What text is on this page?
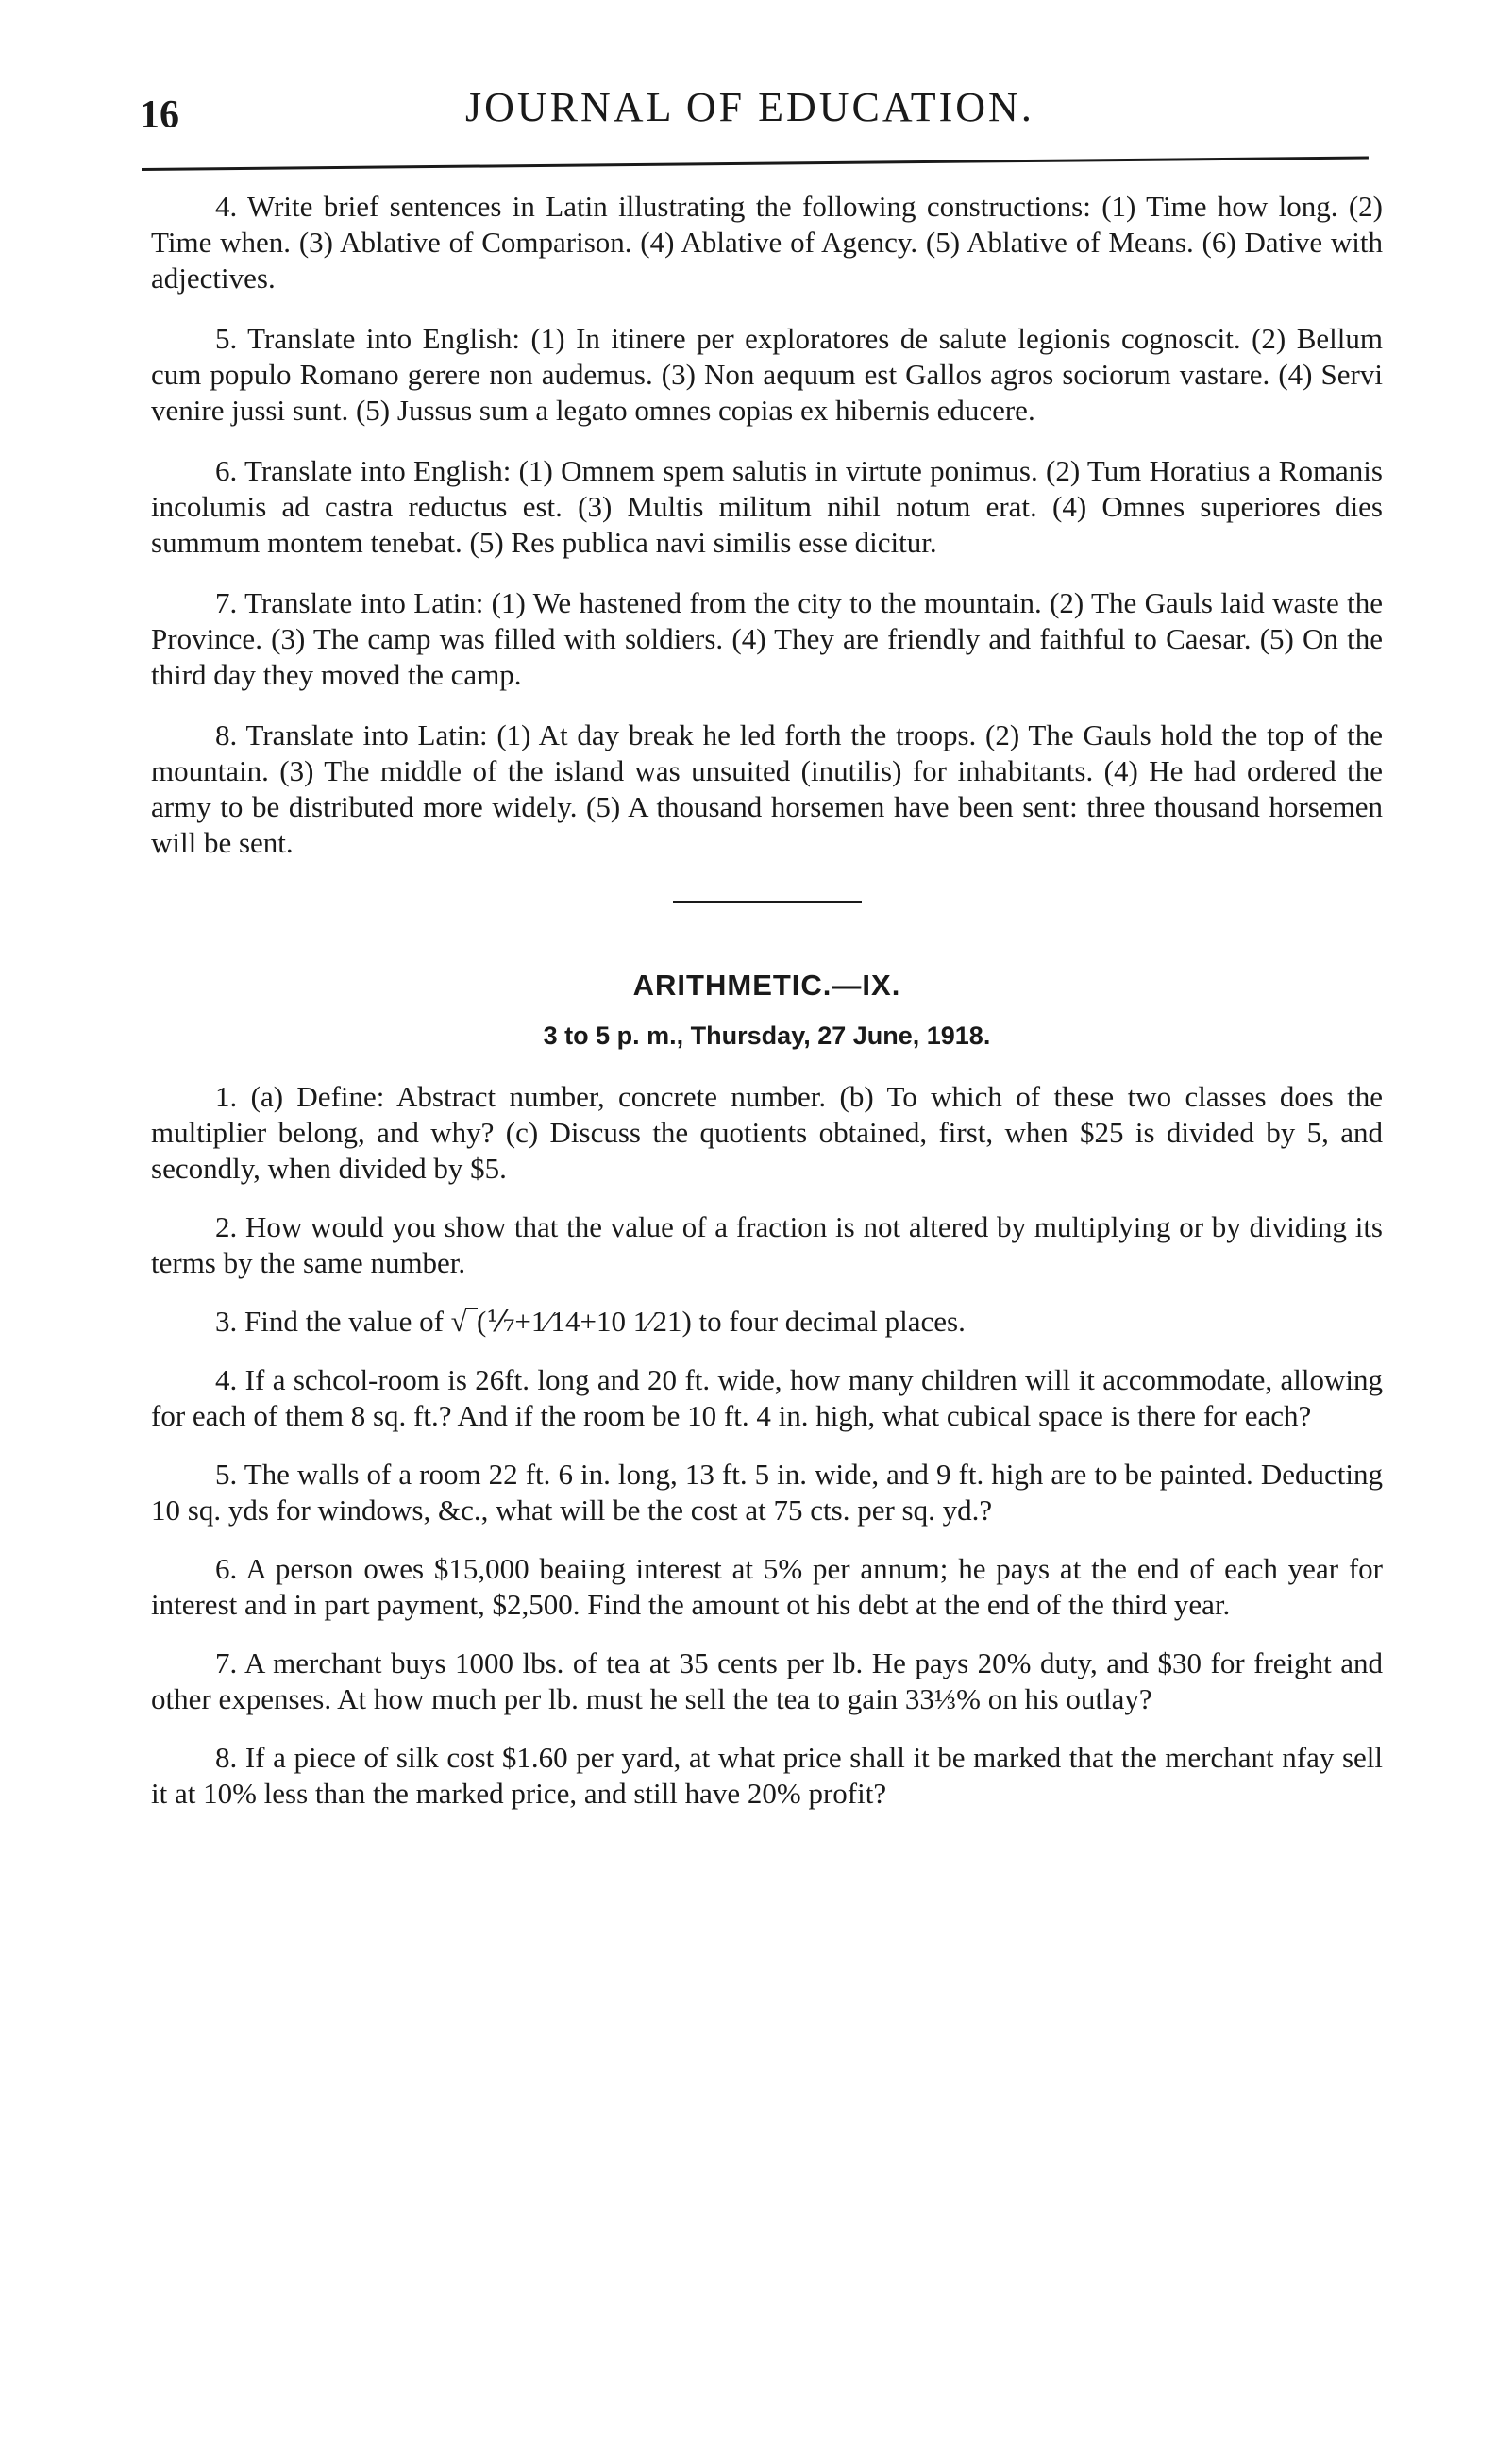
16	JOURNAL OF EDUCATION.

4. Write brief sentences in Latin illustrating the following constructions: (1) Time how long. (2) Time when. (3) Ablative of Comparison. (4) Ablative of Agency. (5) Ablative of Means. (6) Dative with adjectives.

5. Translate into English: (1) In itinere per exploratores de salute legionis cognoscit. (2) Bellum cum populo Romano gerere non audemus. (3) Non aequum est Gallos agros sociorum vastare. (4) Servi venire jussi sunt. (5) Jussus sum a legato omnes copias ex hibernis educere.

6. Translate into English: (1) Omnem spem salutis in virtute ponimus. (2) Tum Horatius a Romanis incolumis ad castra reductus est. (3) Multis militum nihil notum erat. (4) Omnes superiores dies summum montem tenebat. (5) Res publica navi similis esse dicitur.

7. Translate into Latin: (1) We hastened from the city to the mountain. (2) The Gauls laid waste the Province. (3) The camp was filled with soldiers. (4) They are friendly and faithful to Caesar. (5) On the third day they moved the camp.

8. Translate into Latin: (1) At day break he led forth the troops. (2) The Gauls hold the top of the mountain. (3) The middle of the island was unsuited (inutilis) for inhabitants. (4) He had ordered the army to be distributed more widely. (5) A thousand horsemen have been sent: three thousand horsemen will be sent.

ARITHMETIC.—IX.
3 to 5 p. m., Thursday, 27 June, 1918.

1. (a) Define: Abstract number, concrete number. (b) To which of these two classes does the multiplier belong, and why? (c) Discuss the quotients obtained, first, when $25 is divided by 5, and secondly, when divided by $5.

2. How would you show that the value of a fraction is not altered by multiplying or by dividing its terms by the same number.

3. Find the value of √‾(⅐+1⁄14+10 1⁄21) to four decimal places.

4. If a schcol-room is 26ft. long and 20 ft. wide, how many children will it accommodate, allowing for each of them 8 sq. ft.? And if the room be 10 ft. 4 in. high, what cubical space is there for each?

5. The walls of a room 22 ft. 6 in. long, 13 ft. 5 in. wide, and 9 ft. high are to be painted. Deducting 10 sq. yds for windows, &c., what will be the cost at 75 cts. per sq. yd.?

6. A person owes $15,000 beaiing interest at 5% per annum; he pays at the end of each year for interest and in part payment, $2,500. Find the amount ot his debt at the end of the third year.

7. A merchant buys 1000 lbs. of tea at 35 cents per lb. He pays 20% duty, and $30 for freight and other expenses. At how much per lb. must he sell the tea to gain 33⅓% on his outlay?

8. If a piece of silk cost $1.60 per yard, at what price shall it be marked that the merchant nfay sell it at 10% less than the marked price, and still have 20% profit?
